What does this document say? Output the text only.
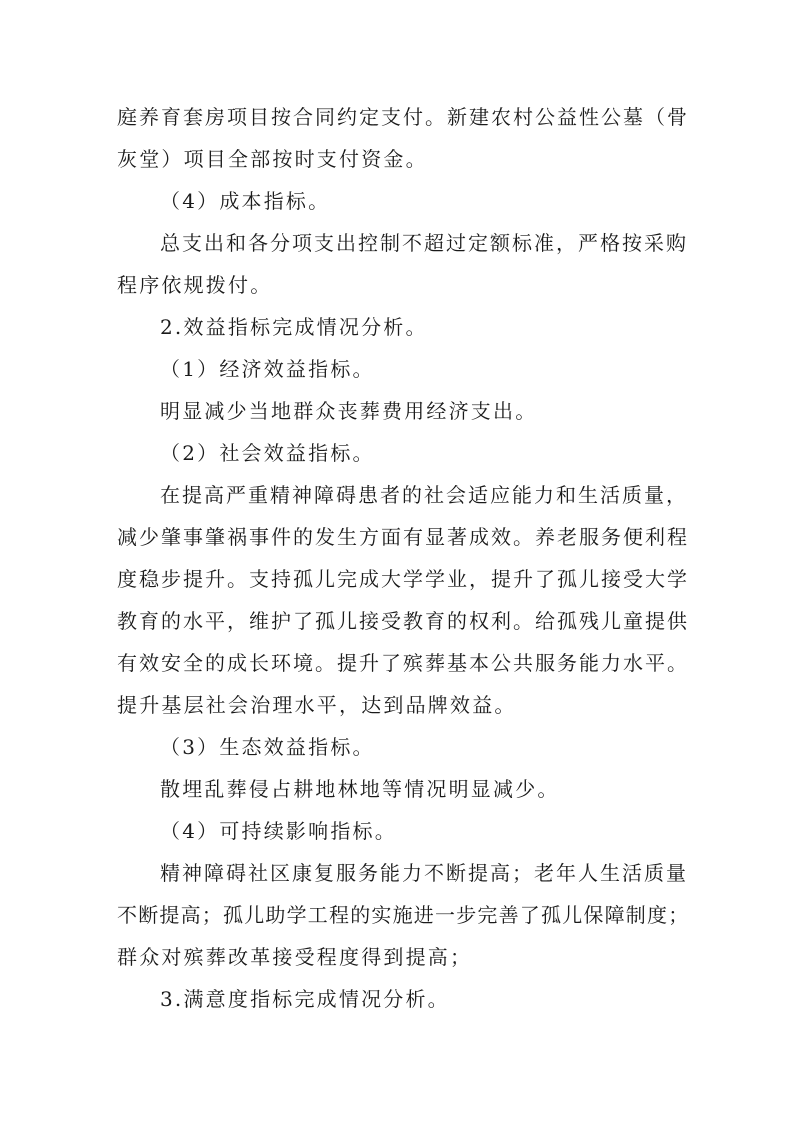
庭养育套房项目按合同约定支付。新建农村公益性公墓（骨
灰堂）项目全部按时支付资金。
（4）成本指标。
总支出和各分项支出控制不超过定额标准，严格按采购
程序依规拨付。
2.效益指标完成情况分析。
（1）经济效益指标。
明显减少当地群众丧葬费用经济支出。
（2）社会效益指标。
在提高严重精神障碍患者的社会适应能力和生活质量，
减少肇事肇祸事件的发生方面有显著成效。养老服务便利程
度稳步提升。支持孤儿完成大学学业，提升了孤儿接受大学
教育的水平，维护了孤儿接受教育的权利。给孤残儿童提供
有效安全的成长环境。提升了殡葬基本公共服务能力水平。
提升基层社会治理水平，达到品牌效益。
（3）生态效益指标。
散埋乱葬侵占耕地林地等情况明显减少。
（4）可持续影响指标。
精神障碍社区康复服务能力不断提高；老年人生活质量
不断提高；孤儿助学工程的实施进一步完善了孤儿保障制度；
群众对殡葬改革接受程度得到提高；
3.满意度指标完成情况分析。
